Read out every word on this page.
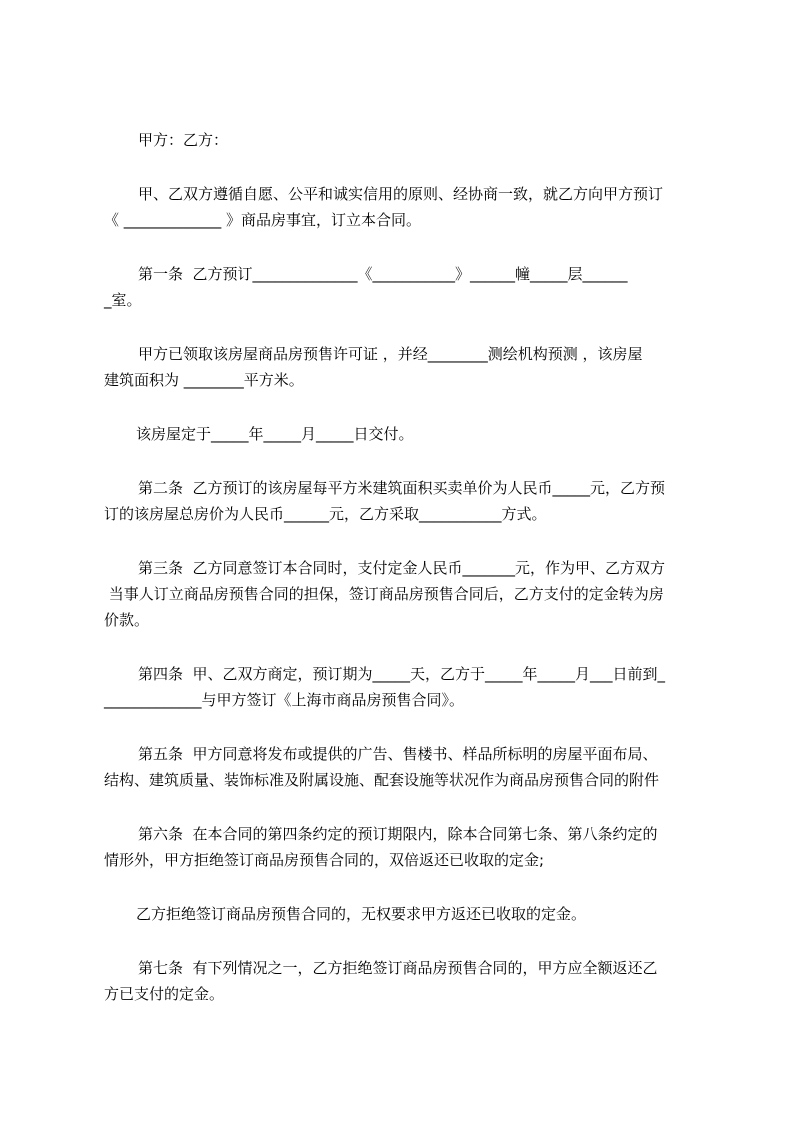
甲方：乙方：

甲、乙双方遵循自愿、公平和诚实信用的原则、经协商一致，就乙方向甲方预订

《 _____________ 》商品房事宜，订立本合同。

第一条  乙方预订______________《___________》______幢_____层______

_室。

甲方已领取该房屋商品房预售许可证 ，并经________测绘机构预测 ，该房屋

建筑面积为 ________平方米。

该房屋定于_____年_____月_____日交付。

第二条  乙方预订的该房屋每平方米建筑面积买卖单价为人民币_____元，乙方预

订的该房屋总房价为人民币______元，乙方采取___________方式。

第三条  乙方同意签订本合同时，支付定金人民币_______元，作为甲、乙方双方

当事人订立商品房预售合同的担保，签订商品房预售合同后，乙方支付的定金转为房

价款。

第四条  甲、乙双方商定，预订期为_____天，乙方于_____年_____月___日前到_

_____________与甲方签订《上海市商品房预售合同》。

第五条  甲方同意将发布或提供的广告、售楼书、样品所标明的房屋平面布局、

结构、建筑质量、装饰标准及附属设施、配套设施等状况作为商品房预售合同的附件

第六条  在本合同的第四条约定的预订期限内，除本合同第七条、第八条约定的

情形外，甲方拒绝签订商品房预售合同的，双倍返还已收取的定金;

乙方拒绝签订商品房预售合同的，无权要求甲方返还已收取的定金。

第七条  有下列情况之一，乙方拒绝签订商品房预售合同的，甲方应全额返还乙

方已支付的定金。
